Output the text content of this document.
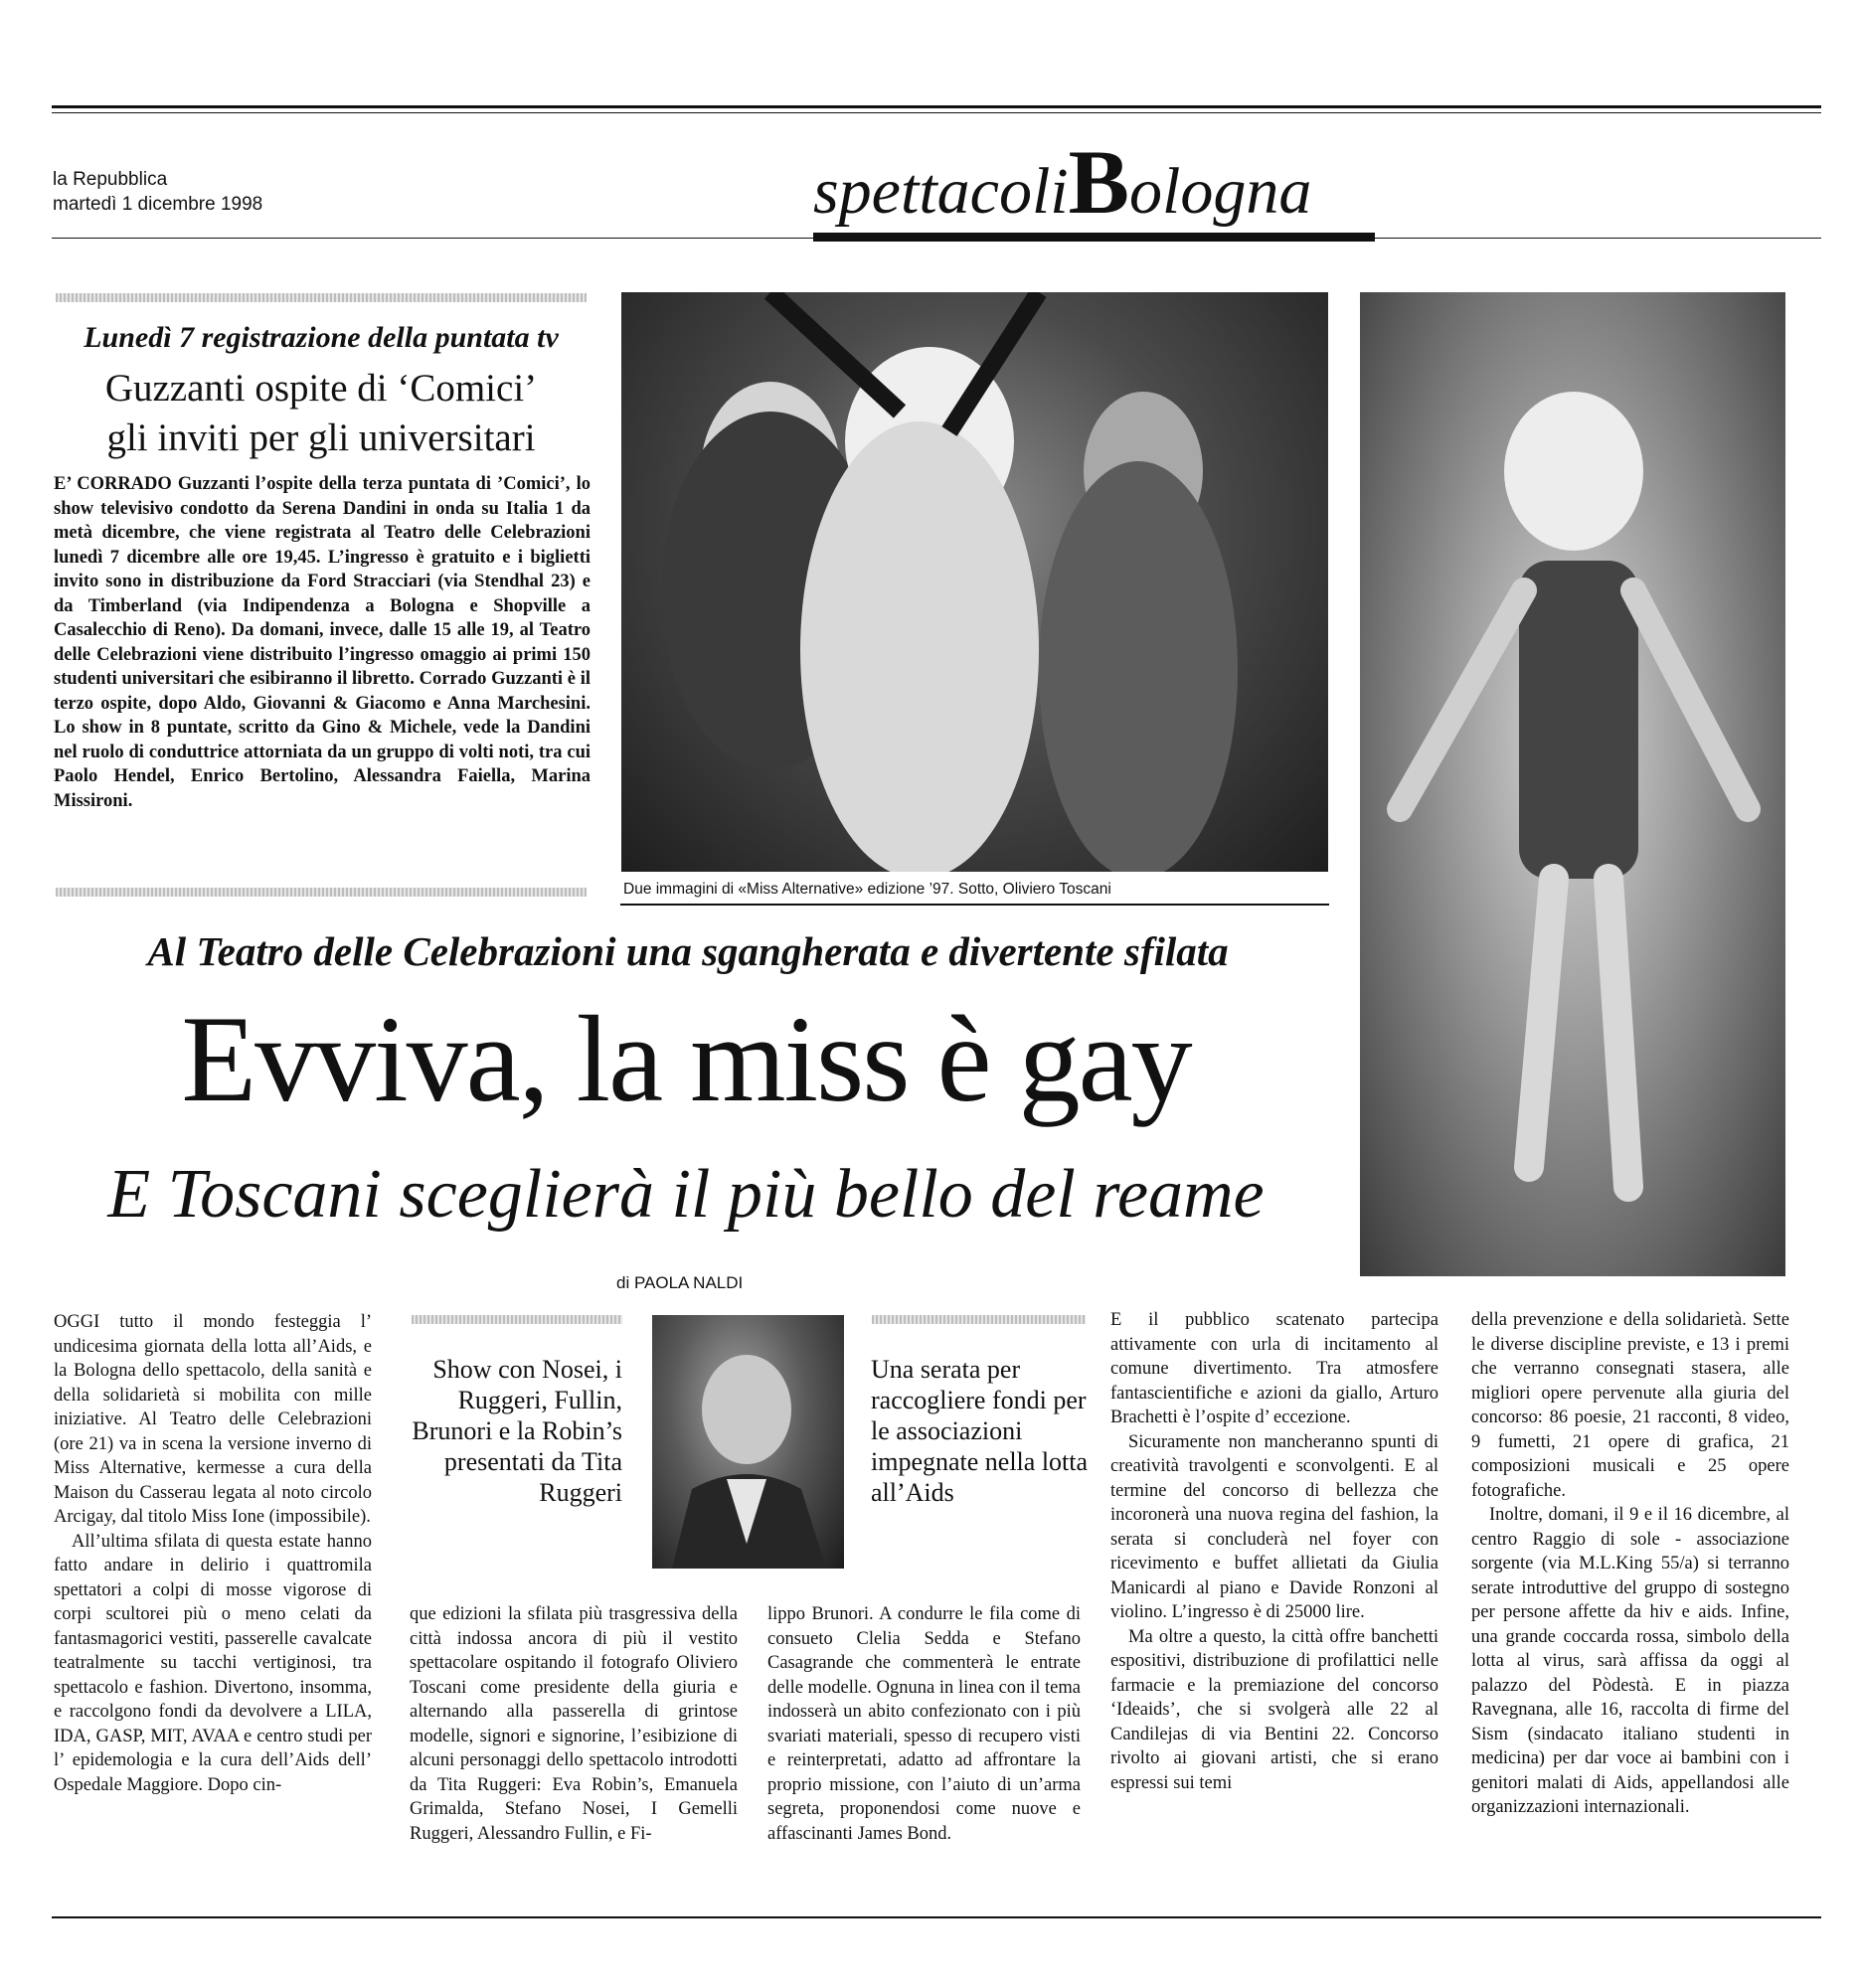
la Repubblica
martedì 1 dicembre 1998	spettacoliBologna
Lunedì 7 registrazione della puntata tv
Guzzanti ospite di ‘Comici’
gli inviti per gli universitari
E’ CORRADO Guzzanti l’ospite della terza puntata di ’Comici’, lo show televisivo condotto da Serena Dandini in onda su Italia 1 da metà dicembre, che viene registrata al Teatro delle Celebrazioni lunedì 7 dicembre alle ore 19,45. L’ingresso è gratuito e i biglietti invito sono in distribuzione da Ford Stracciari (via Stendhal 23) e da Timberland (via Indipendenza a Bologna e Shopville a Casalecchio di Reno). Da domani, invece, dalle 15 alle 19, al Teatro delle Celebrazioni viene distribuito l’ingresso omaggio ai primi 150 studenti universitari che esibiranno il libretto. Corrado Guzzanti è il terzo ospite, dopo Aldo, Giovanni & Giacomo e Anna Marchesini. Lo show in 8 puntate, scritto da Gino & Michele, vede la Dandini nel ruolo di conduttrice attorniata da un gruppo di volti noti, tra cui Paolo Hendel, Enrico Bertolino, Alessandra Faiella, Marina Missironi.
Due immagini di «Miss Alternative» edizione ’97. Sotto, Oliviero Toscani
Al Teatro delle Celebrazioni una sgangherata e divertente sfilata
Evviva, la miss è gay
E Toscani sceglierà il più bello del reame
di PAOLA NALDI

OGGI tutto il mondo festeggia l’ undicesima giornata della lotta all’Aids, e la Bologna dello spettacolo, della sanità e della solidarietà si mobilita con mille iniziative. Al Teatro delle Celebrazioni (ore 21) va in scena la versione inverno di Miss Alternative, kermesse a cura della Maison du Casserau legata al noto circolo Arcigay, dal titolo Miss Ione (impossibile).

All’ultima sfilata di questa estate hanno fatto andare in delirio i quattromila spettatori a colpi di mosse vigorose di corpi scultorei più o meno celati da fantasmagorici vestiti, passerelle cavalcate teatralmente su tacchi vertiginosi, tra spettacolo e fashion. Divertono, insomma, e raccolgono fondi da devolvere a LILA, IDA, GASP, MIT, AVAA e centro studi per l’ epidemologia e la cura dell’Aids dell’ Ospedale Maggiore. Dopo cin-

Show con Nosei, i Ruggeri, Fullin, Brunori e la Robin’s presentati da Tita Ruggeri
Una serata per raccogliere fondi per le associazioni impegnate nella lotta all’Aids

que edizioni la sfilata più trasgressiva della città indossa ancora di più il vestito spettacolare ospitando il fotografo Oliviero Toscani come presidente della giuria e alternando alla passerella di grintose modelle, signori e signorine, l’esibizione di alcuni personaggi dello spettacolo introdotti da Tita Ruggeri: Eva Robin’s, Emanuela Grimalda, Stefano Nosei, I Gemelli Ruggeri, Alessandro Fullin, e Fi-

lippo Brunori. A condurre le fila come di consueto Clelia Sedda e Stefano Casagrande che commenterà le entrate delle modelle. Ognuna in linea con il tema indosserà un abito confezionato con i più svariati materiali, spesso di recupero visti e reinterpretati, adatto ad affrontare la proprio missione, con l’aiuto di un’arma segreta, proponendosi come nuove e affascinanti James Bond.

E il pubblico scatenato partecipa attivamente con urla di incitamento al comune divertimento. Tra atmosfere fantascientifiche e azioni da giallo, Arturo Brachetti è l’ospite d’ eccezione.

Sicuramente non mancheranno spunti di creatività travolgenti e sconvolgenti. E al termine del concorso di bellezza che incoronerà una nuova regina del fashion, la serata si concluderà nel foyer con ricevimento e buffet allietati da Giulia Manicardi al piano e Davide Ronzoni al violino. L’ingresso è di 25000 lire.

Ma oltre a questo, la città offre banchetti espositivi, distribuzione di profilattici nelle farmacie e la premiazione del concorso ‘Ideaids’, che si svolgerà alle 22 al Candilejas di via Bentini 22. Concorso rivolto ai giovani artisti, che si erano espressi sui temi

della prevenzione e della solidarietà. Sette le diverse discipline previste, e 13 i premi che verranno consegnati stasera, alle migliori opere pervenute alla giuria del concorso: 86 poesie, 21 racconti, 8 video, 9 fumetti, 21 opere di grafica, 21 composizioni musicali e 25 opere fotografiche.

Inoltre, domani, il 9 e il 16 dicembre, al centro Raggio di sole - associazione sorgente (via M.L.King 55/a) si terranno serate introduttive del gruppo di sostegno per persone affette da hiv e aids. Infine, una grande coccarda rossa, simbolo della lotta al virus, sarà affissa da oggi al palazzo del Pòdestà. E in piazza Ravegnana, alle 16, raccolta di firme del Sism (sindacato italiano studenti in medicina) per dar voce ai bambini con i genitori malati di Aids, appellandosi alle organizzazioni internazionali.
